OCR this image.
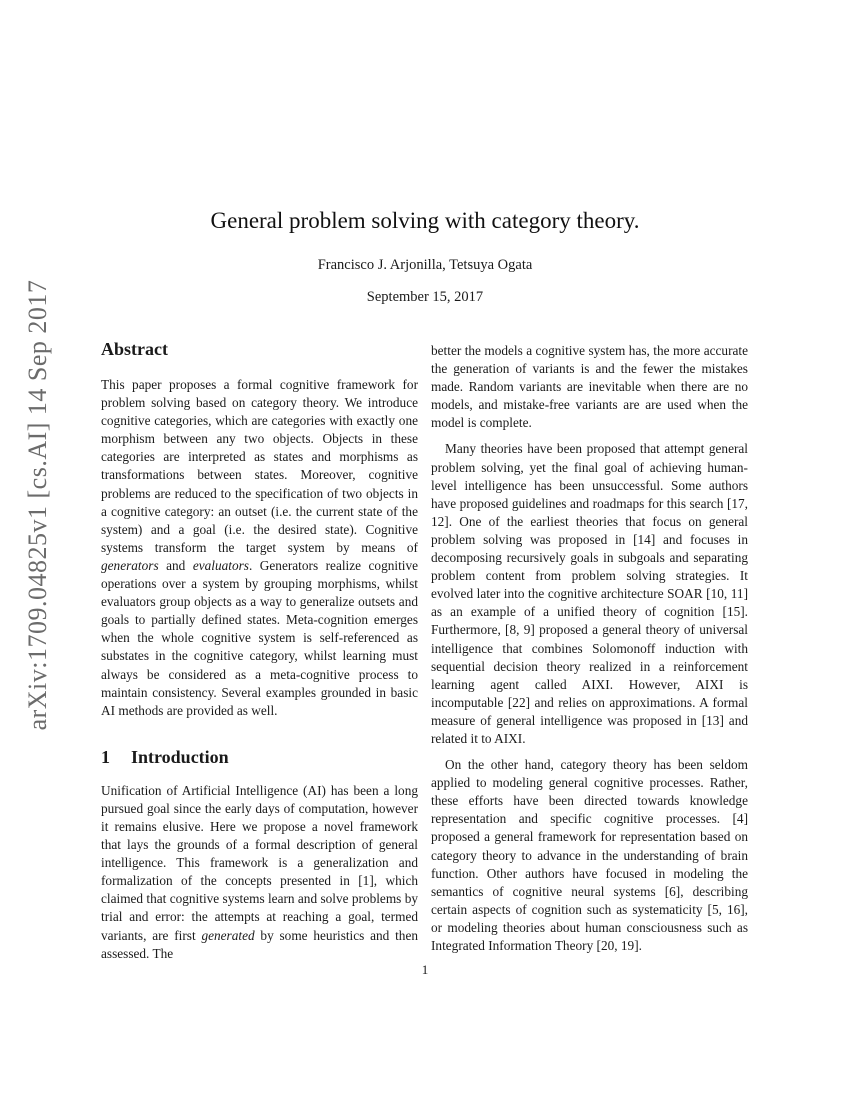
arXiv:1709.04825v1 [cs.AI] 14 Sep 2017
General problem solving with category theory.
Francisco J. Arjonilla, Tetsuya Ogata
September 15, 2017
Abstract

This paper proposes a formal cognitive framework for problem solving based on category theory. We introduce cognitive categories, which are categories with exactly one morphism between any two objects. Objects in these categories are interpreted as states and morphisms as transformations between states. Moreover, cognitive problems are reduced to the specification of two objects in a cognitive category: an outset (i.e. the current state of the system) and a goal (i.e. the desired state). Cognitive systems transform the target system by means of generators and evaluators. Generators realize cognitive operations over a system by grouping morphisms, whilst evaluators group objects as a way to generalize outsets and goals to partially defined states. Meta-cognition emerges when the whole cognitive system is self-referenced as substates in the cognitive category, whilst learning must always be considered as a meta-cognitive process to maintain consistency. Several examples grounded in basic AI methods are provided as well.

1 Introduction

Unification of Artificial Intelligence (AI) has been a long pursued goal since the early days of computation, however it remains elusive. Here we propose a novel framework that lays the grounds of a formal description of general intelligence. This framework is a generalization and formalization of the concepts presented in [1], which claimed that cognitive systems learn and solve problems by trial and error: the attempts at reaching a goal, termed variants, are first generated by some heuristics and then assessed. The

better the models a cognitive system has, the more accurate the generation of variants is and the fewer the mistakes made. Random variants are inevitable when there are no models, and mistake-free variants are are used when the model is complete.

Many theories have been proposed that attempt general problem solving, yet the final goal of achieving human-level intelligence has been unsuccessful. Some authors have proposed guidelines and roadmaps for this search [17, 12]. One of the earliest theories that focus on general problem solving was proposed in [14] and focuses in decomposing recursively goals in subgoals and separating problem content from problem solving strategies. It evolved later into the cognitive architecture SOAR [10, 11] as an example of a unified theory of cognition [15]. Furthermore, [8, 9] proposed a general theory of universal intelligence that combines Solomonoff induction with sequential decision theory realized in a reinforcement learning agent called AIXI. However, AIXI is incomputable [22] and relies on approximations. A formal measure of general intelligence was proposed in [13] and related it to AIXI.

On the other hand, category theory has been seldom applied to modeling general cognitive processes. Rather, these efforts have been directed towards knowledge representation and specific cognitive processes. [4] proposed a general framework for representation based on category theory to advance in the understanding of brain function. Other authors have focused in modeling the semantics of cognitive neural systems [6], describing certain aspects of cognition such as systematicity [5, 16], or modeling theories about human consciousness such as Integrated Information Theory [20, 19].

1
